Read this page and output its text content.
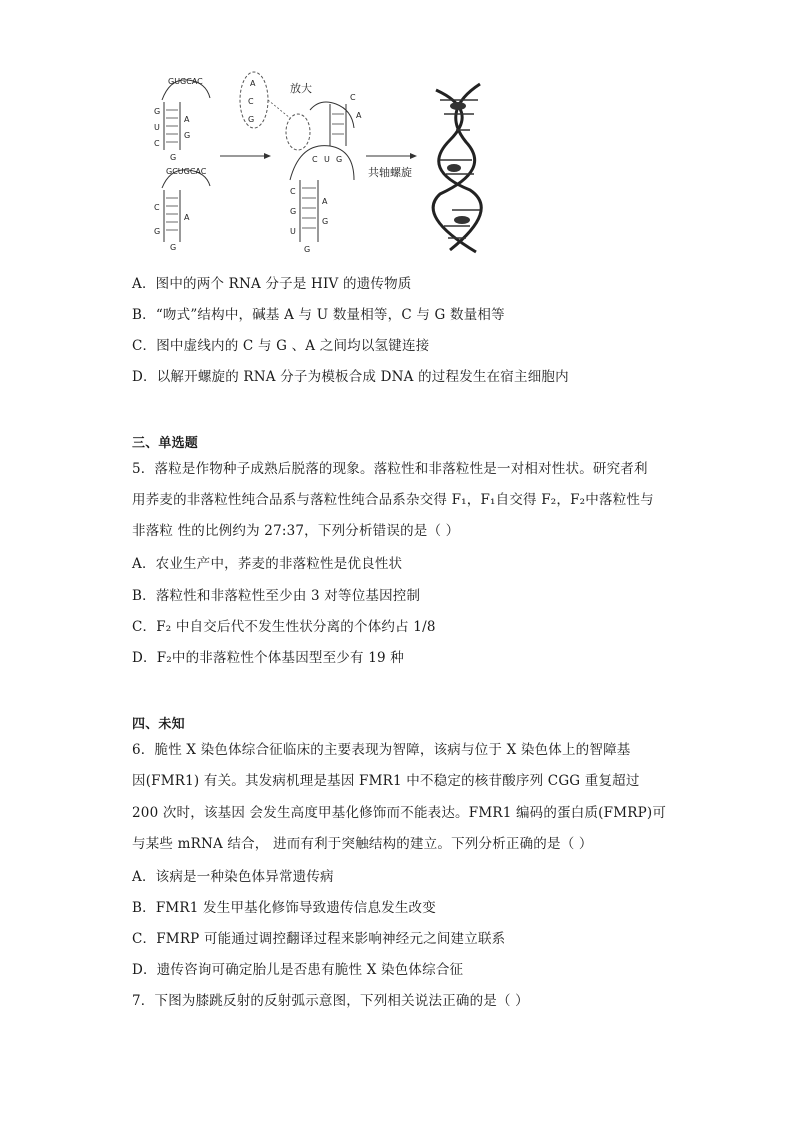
GUGCAC
G
U
C
A
G
G
GCUGCAC
C
G
A
G
A
C
G
放大
C
G
U
A
G
C U G
C
A
G
共轴螺旋
A．图中的两个 RNA 分子是 HIV 的遗传物质
B．“吻式”结构中，碱基 A 与 U 数量相等，C 与 G 数量相等
C．图中虚线内的 C 与 G 、A 之间均以氢键连接
D．以解开螺旋的 RNA 分子为模板合成 DNA 的过程发生在宿主细胞内
三、单选题
5．落粒是作物种子成熟后脱落的现象。落粒性和非落粒性是一对相对性状。研究者利
用荞麦的非落粒性纯合品系与落粒性纯合品系杂交得 F₁，F₁自交得 F₂，F₂中落粒性与
非落粒 性的比例约为 27:37，下列分析错误的是（ ）
A．农业生产中，荞麦的非落粒性是优良性状
B．落粒性和非落粒性至少由 3 对等位基因控制
C．F₂ 中自交后代不发生性状分离的个体约占 1/8
D．F₂中的非落粒性个体基因型至少有 19 种
四、未知
6．脆性 X 染色体综合征临床的主要表现为智障，该病与位于 X 染色体上的智障基
因(FMR1) 有关。其发病机理是基因 FMR1 中不稳定的核苷酸序列 CGG 重复超过
200 次时，该基因 会发生高度甲基化修饰而不能表达。FMR1 编码的蛋白质(FMRP)可
与某些 mRNA 结合， 进而有利于突触结构的建立。下列分析正确的是（ ）
A．该病是一种染色体异常遗传病
B．FMR1 发生甲基化修饰导致遗传信息发生改变
C．FMRP 可能通过调控翻译过程来影响神经元之间建立联系
D．遗传咨询可确定胎儿是否患有脆性 X 染色体综合征
7．下图为膝跳反射的反射弧示意图，下列相关说法正确的是（ ）
